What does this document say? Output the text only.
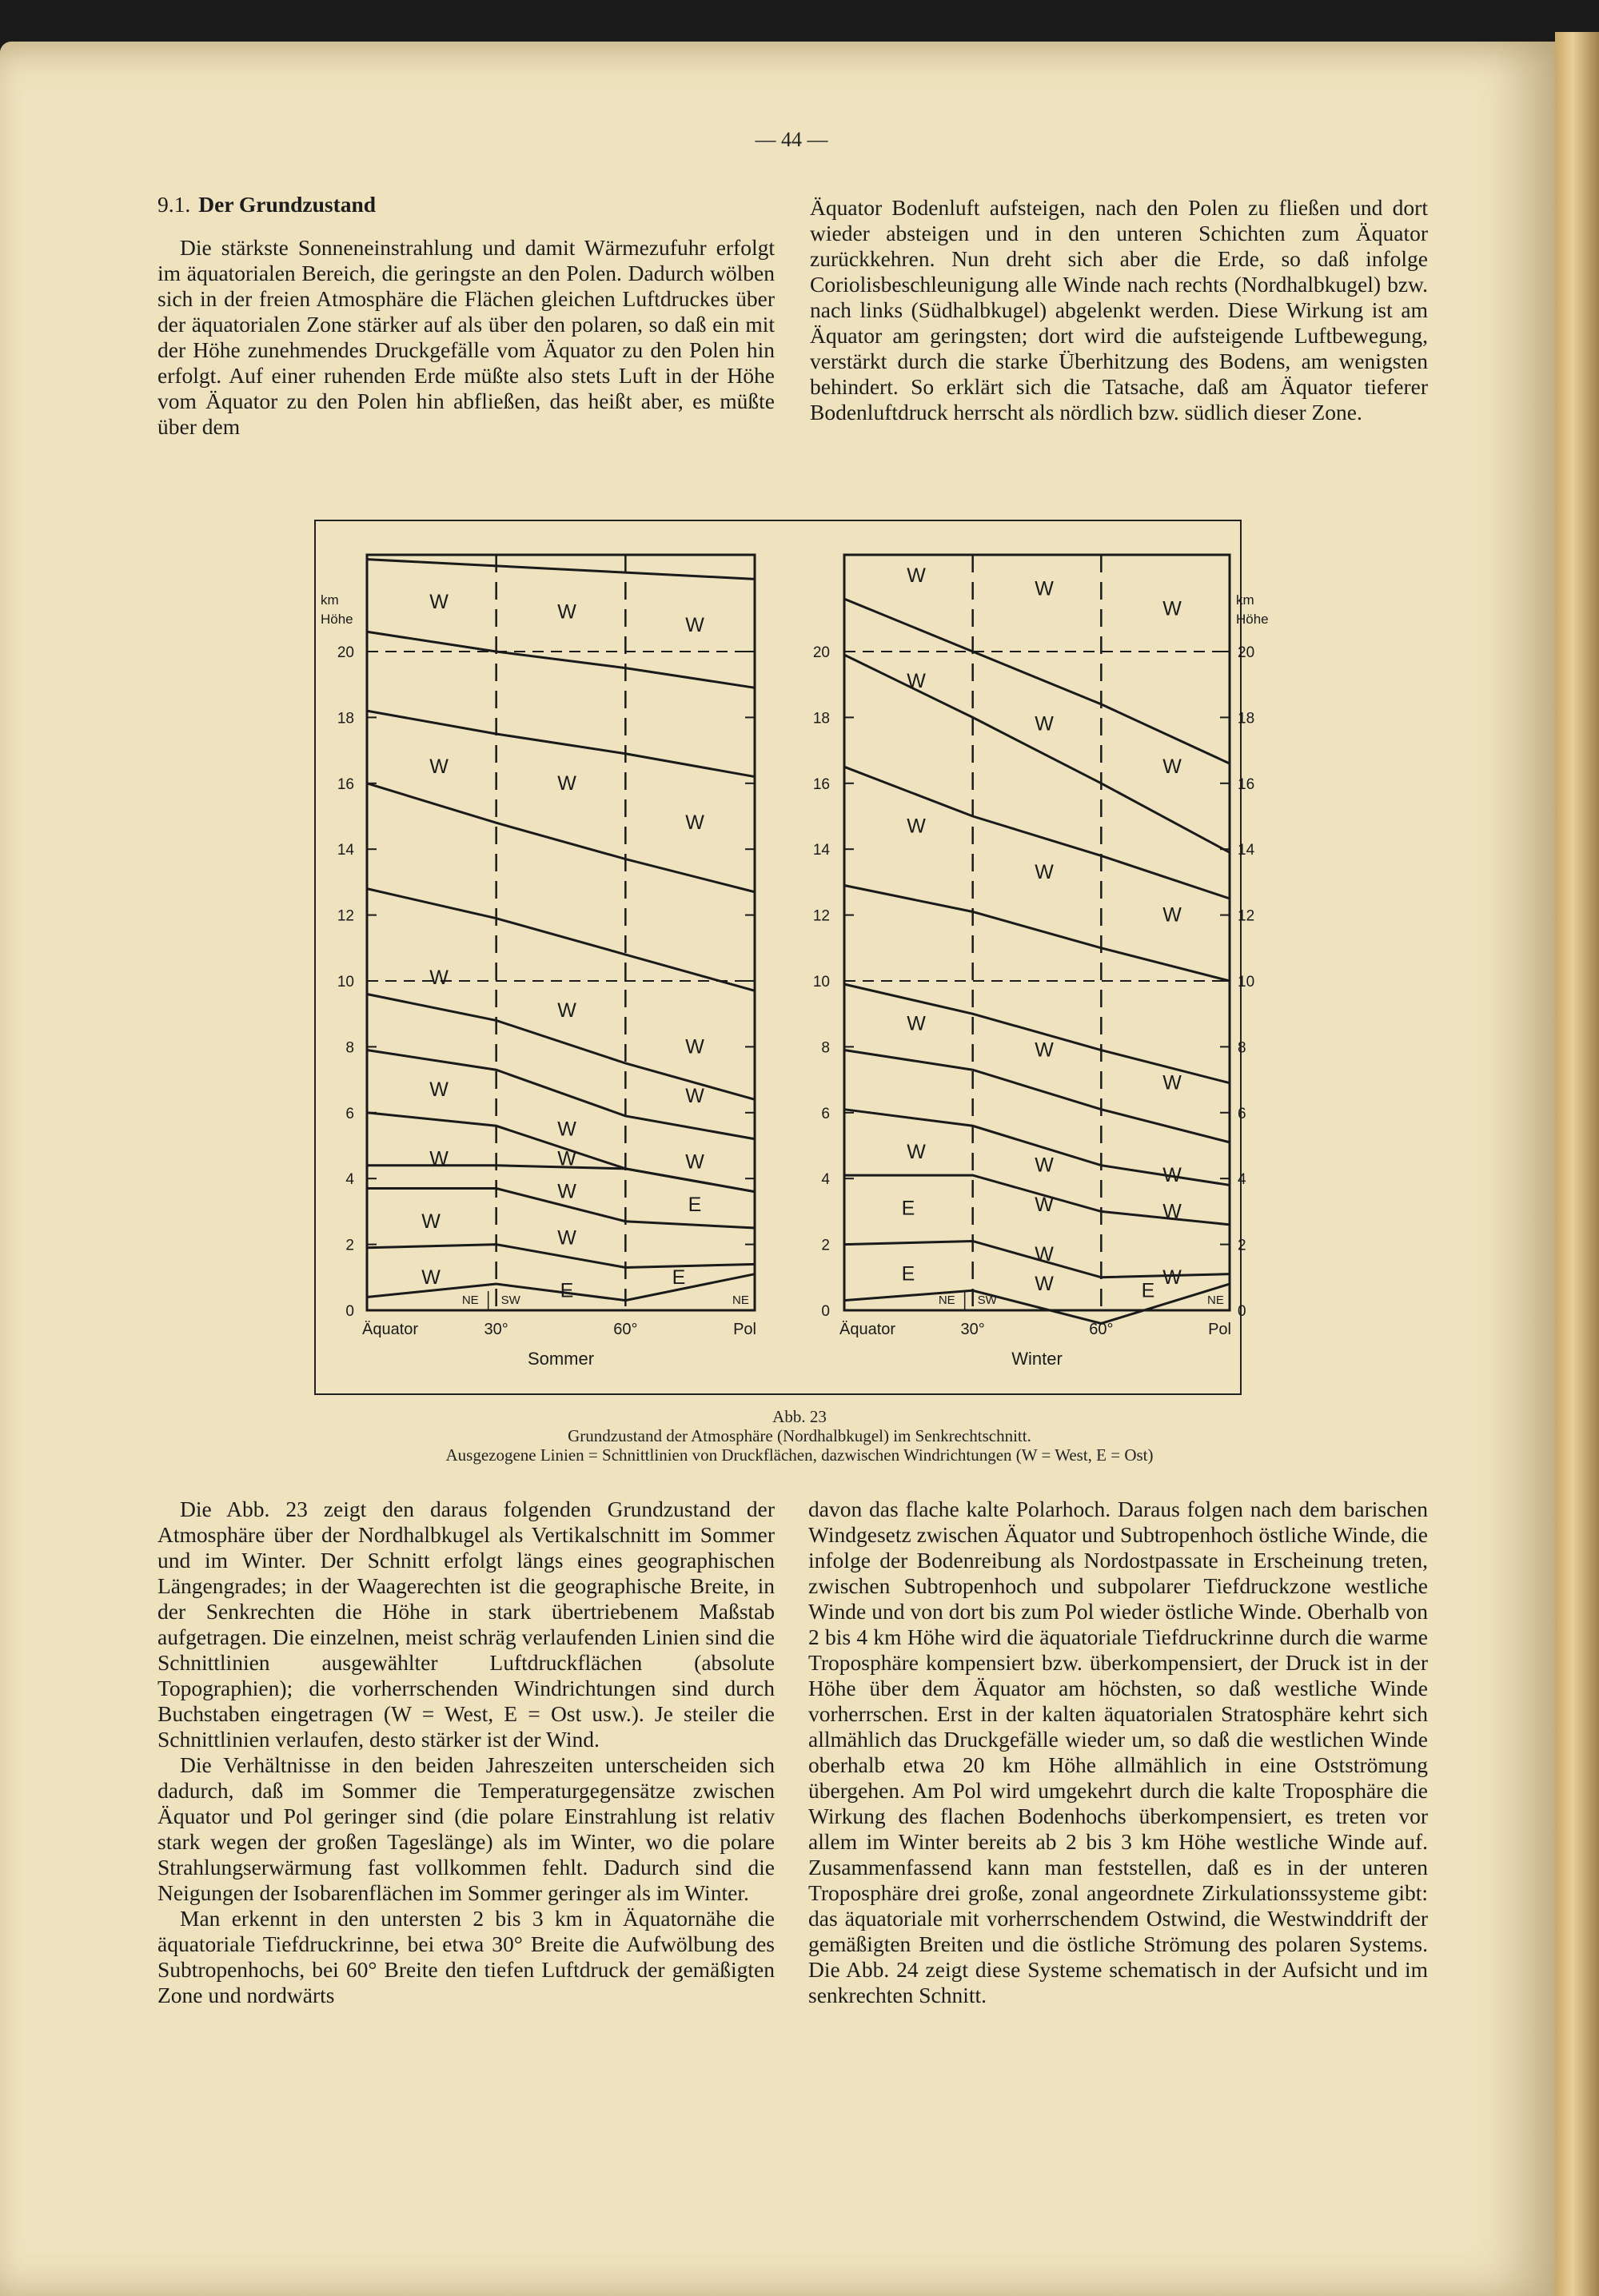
— 44 —

9.1. Der Grundzustand

Die stärkste Sonneneinstrahlung und damit Wärmezufuhr erfolgt im äquatorialen Bereich, die geringste an den Polen. Dadurch wölben sich in der freien Atmosphäre die Flächen gleichen Luftdruckes über der äquatorialen Zone stärker auf als über den polaren, so daß ein mit der Höhe zunehmendes Druckgefälle vom Äquator zu den Polen hin erfolgt. Auf einer ruhenden Erde müßte also stets Luft in der Höhe vom Äquator zu den Polen hin abfließen, das heißt aber, es müßte über dem

Äquator Bodenluft aufsteigen, nach den Polen zu fließen und dort wieder absteigen und in den unteren Schichten zum Äquator zurückkehren. Nun dreht sich aber die Erde, so daß infolge Coriolisbeschleunigung alle Winde nach rechts (Nordhalbkugel) bzw. nach links (Südhalbkugel) abgelenkt werden. Diese Wirkung ist am Äquator am geringsten; dort wird die aufsteigende Luftbewegung, verstärkt durch die starke Überhitzung des Bodens, am wenigsten behindert. So erklärt sich die Tatsache, daß am Äquator tieferer Bodenluftdruck herrscht als nördlich bzw. südlich dieser Zone.

0
2
4
6
8
10
12
14
16
18
20
km
Höhe
Äquator	30°	60°	Pol
Sommer
NE SW	NE
W	W
W
W
W
W
W
W
W
W
W
W
W	W	W
W
E
W
W
E
W
E
0
0
2
2
4
4
6
6
8
8
10
10
12
12
14
14
16
16
18
18
20
20
km
Höhe
Äquator	30°	60°	Pol
Winter
NE SW	NE
W
W
W
W
W
W
W
W
W
W
W
W
W
W	W
W	W
E
W
W
E	W	E
Abb. 23
Grundzustand der Atmosphäre (Nordhalbkugel) im Senkrechtschnitt.
Ausgezogene Linien = Schnittlinien von Druckflächen, dazwischen Windrichtungen (W = West, E = Ost)

Die Abb. 23 zeigt den daraus folgenden Grundzustand der Atmosphäre über der Nordhalbkugel als Vertikalschnitt im Sommer und im Winter. Der Schnitt erfolgt längs eines geographischen Längengrades; in der Waagerechten ist die geographische Breite, in der Senkrechten die Höhe in stark übertriebenem Maßstab aufgetragen. Die einzelnen, meist schräg verlaufenden Linien sind die Schnittlinien ausgewählter Luftdruckflächen (absolute Topographien); die vorherrschenden Windrichtungen sind durch Buchstaben eingetragen (W = West, E = Ost usw.). Je steiler die Schnittlinien verlaufen, desto stärker ist der Wind.

Die Verhältnisse in den beiden Jahreszeiten unterscheiden sich dadurch, daß im Sommer die Temperaturgegensätze zwischen Äquator und Pol geringer sind (die polare Einstrahlung ist relativ stark wegen der großen Tageslänge) als im Winter, wo die polare Strahlungserwärmung fast vollkommen fehlt. Dadurch sind die Neigungen der Isobarenflächen im Sommer geringer als im Winter.

Man erkennt in den untersten 2 bis 3 km in Äquatornähe die äquatoriale Tiefdruckrinne, bei etwa 30° Breite die Aufwölbung des Subtropenhochs, bei 60° Breite den tiefen Luftdruck der gemäßigten Zone und nordwärts

davon das flache kalte Polarhoch. Daraus folgen nach dem barischen Windgesetz zwischen Äquator und Subtropenhoch östliche Winde, die infolge der Bodenreibung als Nordostpassate in Erscheinung treten, zwischen Subtropenhoch und subpolarer Tiefdruckzone westliche Winde und von dort bis zum Pol wieder östliche Winde. Oberhalb von 2 bis 4 km Höhe wird die äquatoriale Tiefdruckrinne durch die warme Troposphäre kompensiert bzw. überkompensiert, der Druck ist in der Höhe über dem Äquator am höchsten, so daß westliche Winde vorherrschen. Erst in der kalten äquatorialen Stratosphäre kehrt sich allmählich das Druckgefälle wieder um, so daß die westlichen Winde oberhalb etwa 20 km Höhe allmählich in eine Ostströmung übergehen. Am Pol wird umgekehrt durch die kalte Troposphäre die Wirkung des flachen Bodenhochs überkompensiert, es treten vor allem im Winter bereits ab 2 bis 3 km Höhe westliche Winde auf. Zusammenfassend kann man feststellen, daß es in der unteren Troposphäre drei große, zonal angeordnete Zirkulationssysteme gibt: das äquatoriale mit vorherrschendem Ostwind, die Westwinddrift der gemäßigten Breiten und die östliche Strömung des polaren Systems. Die Abb. 24 zeigt diese Systeme schematisch in der Aufsicht und im senkrechten Schnitt.
